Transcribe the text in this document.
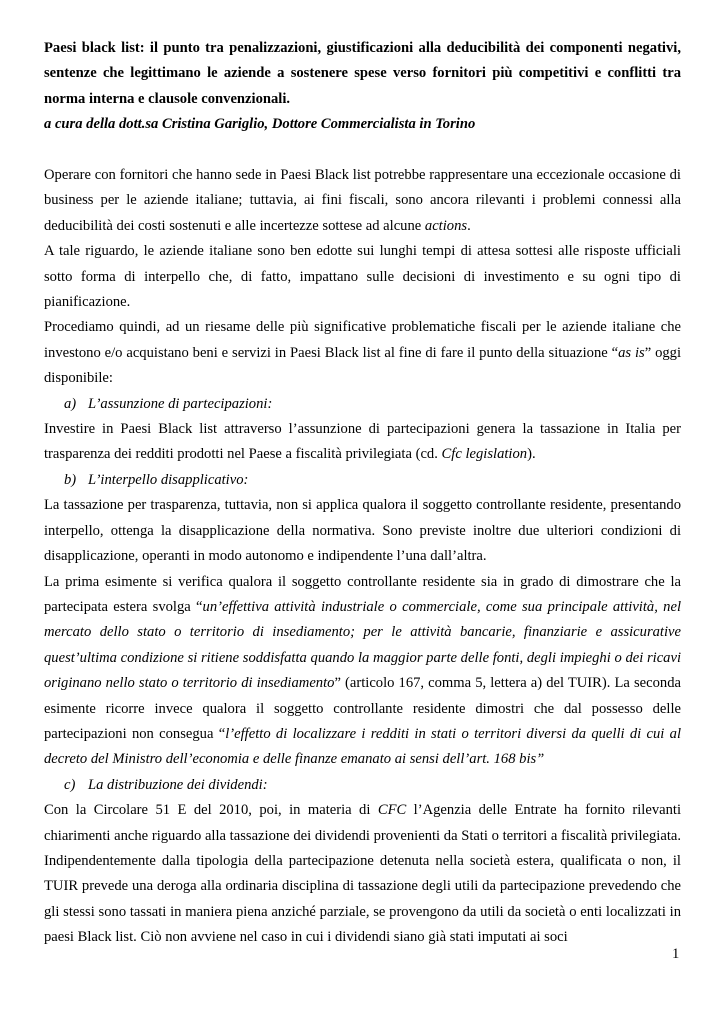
Paesi black list: il punto tra penalizzazioni, giustificazioni alla deducibilità dei componenti negativi, sentenze che legittimano le aziende a sostenere spese verso fornitori più competitivi e conflitti tra norma interna e clausole convenzionali.

a cura della dott.sa Cristina Gariglio, Dottore Commercialista in Torino

Operare con fornitori che hanno sede in Paesi Black list potrebbe rappresentare una eccezionale occasione di business per le aziende italiane; tuttavia, ai fini fiscali, sono ancora rilevanti i problemi connessi alla deducibilità dei costi sostenuti e alle incertezze sottese ad alcune actions.

A tale riguardo, le aziende italiane sono ben edotte sui lunghi tempi di attesa sottesi alle risposte ufficiali sotto forma di interpello che, di fatto, impattano sulle decisioni di investimento e su ogni tipo di pianificazione.

Procediamo quindi, ad un riesame delle più significative problematiche fiscali per le aziende italiane che investono e/o acquistano beni e servizi in Paesi Black list al fine di fare il punto della situazione “as is” oggi disponibile:

a) L’assunzione di partecipazioni:

Investire in Paesi Black list attraverso l’assunzione di partecipazioni genera la tassazione in Italia per trasparenza dei redditi prodotti nel Paese a fiscalità privilegiata (cd. Cfc legislation).

b) L’interpello disapplicativo:

La tassazione per trasparenza, tuttavia, non si applica qualora il soggetto controllante residente, presentando interpello, ottenga la disapplicazione della normativa. Sono previste inoltre due ulteriori condizioni di disapplicazione, operanti in modo autonomo e indipendente l’una dall’altra.

La prima esimente si verifica qualora il soggetto controllante residente sia in grado di dimostrare che la partecipata estera svolga “un’effettiva attività industriale o commerciale, come sua principale attività, nel mercato dello stato o territorio di insediamento; per le attività bancarie, finanziarie e assicurative quest’ultima condizione si ritiene soddisfatta quando la maggior parte delle fonti, degli impieghi o dei ricavi originano nello stato o territorio di insediamento” (articolo 167, comma 5, lettera a) del TUIR). La seconda esimente ricorre invece qualora il soggetto controllante residente dimostri che dal possesso delle partecipazioni non consegua “l’effetto di localizzare i redditi in stati o territori diversi da quelli di cui al decreto del Ministro dell’economia e delle finanze emanato ai sensi dell’art. 168 bis”

c) La distribuzione dei dividendi:

Con la Circolare 51 E del 2010, poi, in materia di CFC l’Agenzia delle Entrate ha fornito rilevanti chiarimenti anche riguardo alla tassazione dei dividendi provenienti da Stati o territori a fiscalità privilegiata. Indipendentemente dalla tipologia della partecipazione detenuta nella società estera, qualificata o non, il TUIR prevede una deroga alla ordinaria disciplina di tassazione degli utili da partecipazione prevedendo che gli stessi sono tassati in maniera piena anziché parziale, se provengono da utili da società o enti localizzati in paesi Black list. Ciò non avviene nel caso in cui i dividendi siano già stati imputati ai soci

1
